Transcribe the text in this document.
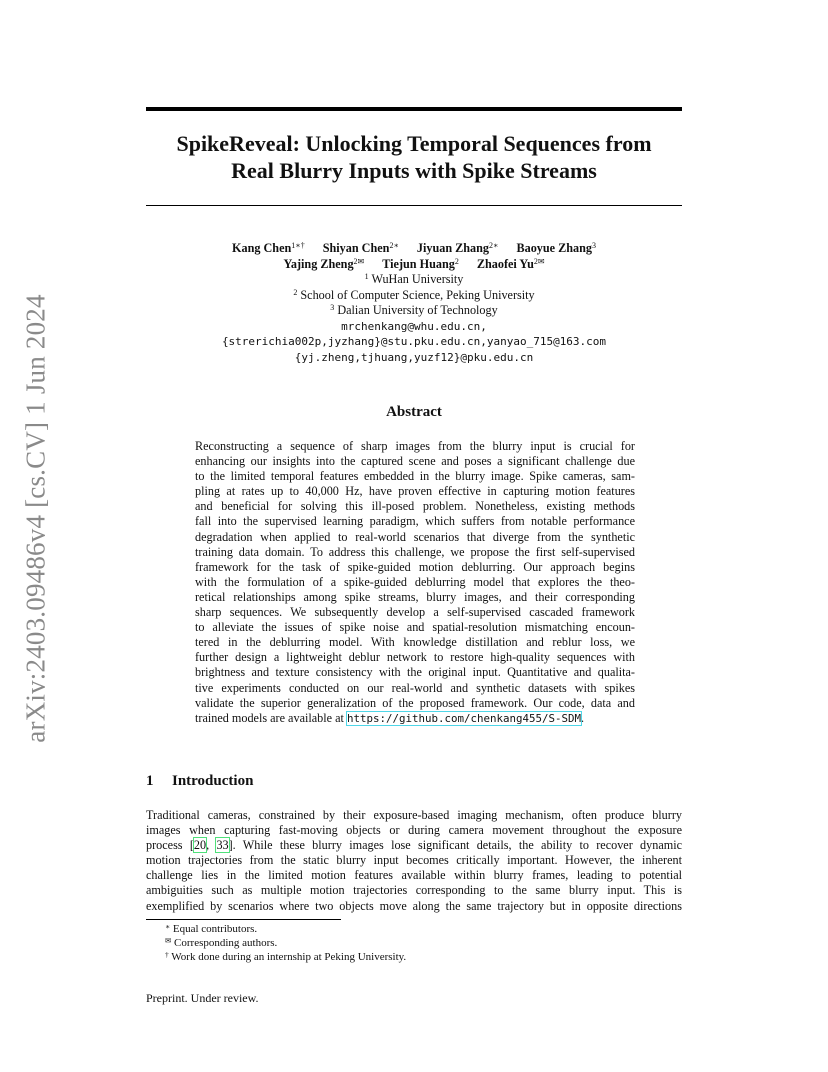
arXiv:2403.09486v4 [cs.CV] 1 Jun 2024
SpikeReveal: Unlocking Temporal Sequences from
Real Blurry Inputs with Spike Streams
Kang Chen$^{1∗\dagger}$ Shiyan Chen$^{2∗}$ Jiyuan Zhang$^{2∗}$ Baoyue Zhang$^3$
Yajing Zheng$^{2✉}$ Tiejun Huang$^2$ Zhaofei $Yu^{2✉}$
$^1$ WuHan University
$^2$ School of Computer Science, Peking University
$^3$ Dalian University of Technology
mrchenkang@whu.edu.cn,
{strerichia002p,jyzhang}@stu.pku.edu.cn,yanyao_715@163.com
{yj.zheng,tjhuang,yuzf12}@pku.edu.cn
Abstract
Reconstructing a sequence of sharp images from the blurry input is crucial for
enhancing our insights into the captured scene and poses a significant challenge due
to the limited temporal features embedded in the blurry image. Spike cameras, sam-
pling at rates up to 40,000 Hz, have proven effective in capturing motion features
and beneficial for solving this ill-posed problem. Nonetheless, existing methods
fall into the supervised learning paradigm, which suffers from notable performance
degradation when applied to real-world scenarios that diverge from the synthetic
training data domain. To address this challenge, we propose the first self-supervised
framework for the task of spike-guided motion deblurring. Our approach begins
with the formulation of a spike-guided deblurring model that explores the theo-
retical relationships among spike streams, blurry images, and their corresponding
sharp sequences. We subsequently develop a self-supervised cascaded framework
to alleviate the issues of spike noise and spatial-resolution mismatching encoun-
tered in the deblurring model. With knowledge distillation and reblur loss, we
further design a lightweight deblur network to restore high-quality sequences with
brightness and texture consistency with the original input. Quantitative and qualita-
tive experiments conducted on our real-world and synthetic datasets with spikes
validate the superior generalization of the proposed framework. Our code, data and
trained models are available at https://github.com/chenkang455/S-SDM.
1 Introduction
Traditional cameras, constrained by their exposure-based imaging mechanism, often produce blurry
images when capturing fast-moving objects or during camera movement throughout the exposure
process [20, 33]. While these blurry images lose significant details, the ability to recover dynamic
motion trajectories from the static blurry input becomes critically important. However, the inherent
challenge lies in the limited motion features available within blurry frames, leading to potential
ambiguities such as multiple motion trajectories corresponding to the same blurry input. This is
exemplified by scenarios where two objects move along the same trajectory but in opposite directions
∗ Equal contributors.
✉ Corresponding authors.
† Work done during an internship at Peking University.
Preprint. Under review.
